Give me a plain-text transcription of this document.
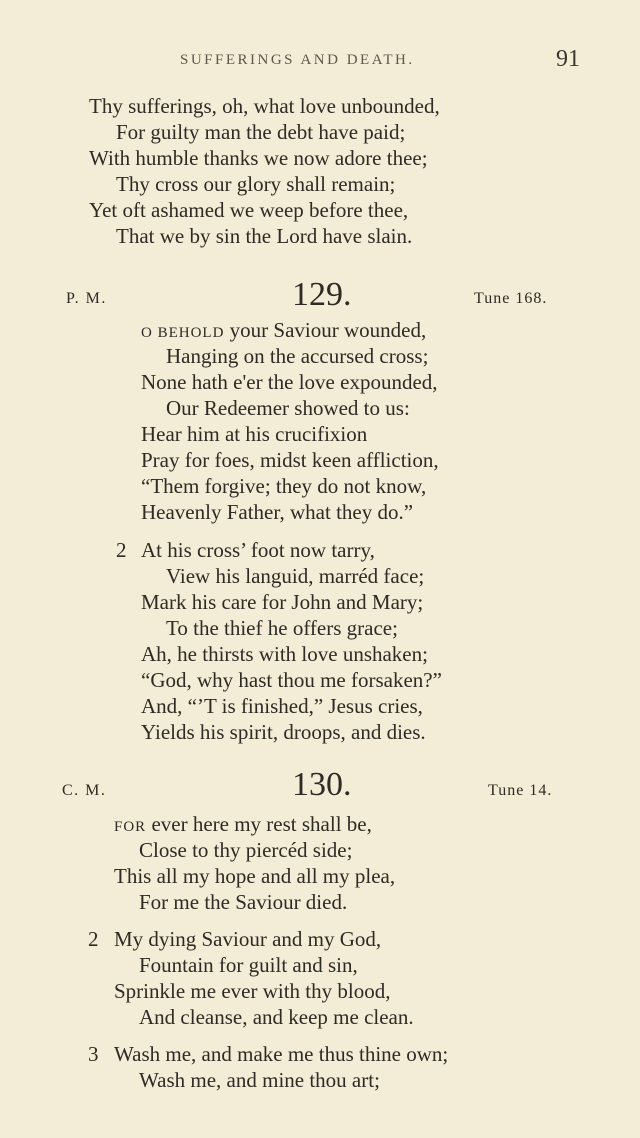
SUFFERINGS AND DEATH.	91
Thy sufferings, oh, what love unbounded,
For guilty man the debt have paid;
With humble thanks we now adore thee;
Thy cross our glory shall remain;
Yet oft ashamed we weep before thee,
That we by sin the Lord have slain.
P. M.	129.	Tune 168.
O BEHOLD your Saviour wounded,
Hanging on the accursed cross;
None hath e'er the love expounded,
Our Redeemer showed to us:
Hear him at his crucifixion
Pray for foes, midst keen affliction,
“Them forgive; they do not know,
Heavenly Father, what they do.”
2 At his cross’ foot now tarry,
View his languid, marréd face;
Mark his care for John and Mary;
To the thief he offers grace;
Ah, he thirsts with love unshaken;
“God, why hast thou me forsaken?”
And, “’T is finished,” Jesus cries,
Yields his spirit, droops, and dies.
C. M.	130.	Tune 14.
FOR ever here my rest shall be,
Close to thy piercéd side;
This all my hope and all my plea,
For me the Saviour died.
2 My dying Saviour and my God,
Fountain for guilt and sin,
Sprinkle me ever with thy blood,
And cleanse, and keep me clean.
3 Wash me, and make me thus thine own;
Wash me, and mine thou art;
